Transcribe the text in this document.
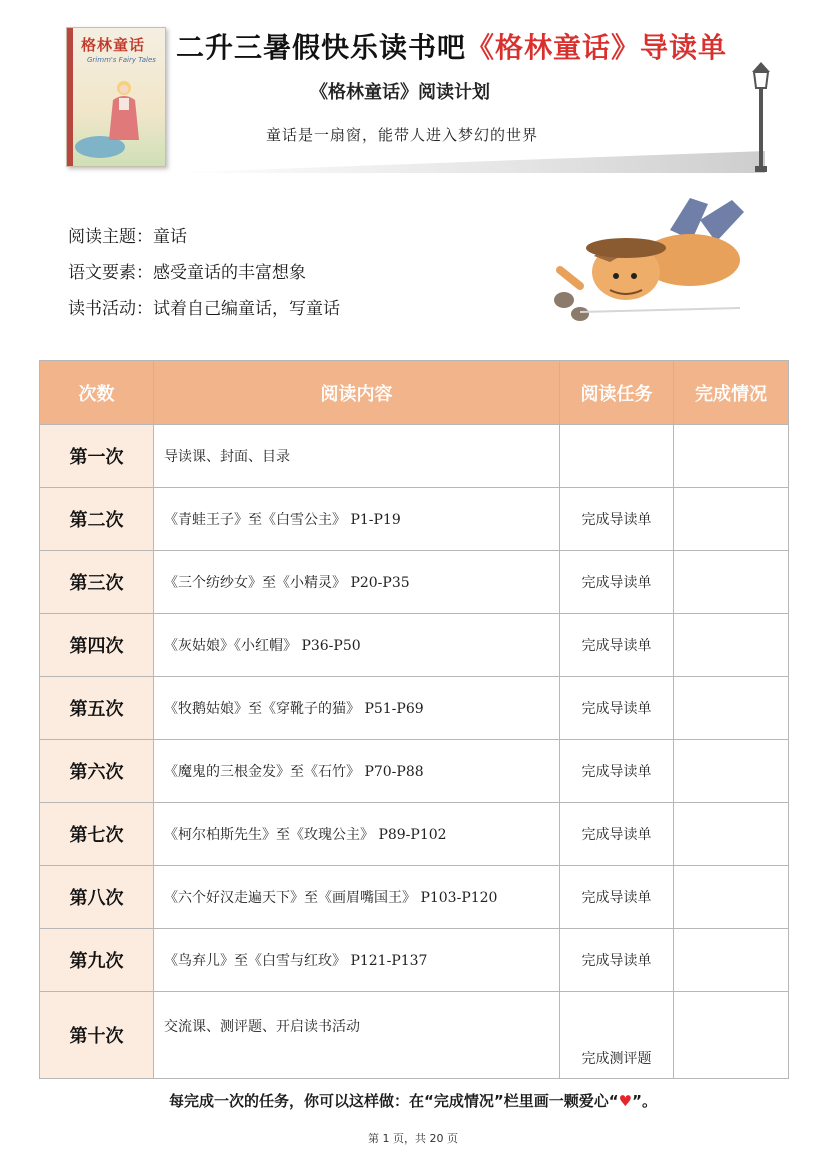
格林童话
Grimm's Fairy Tales 二升三暑假快乐读书吧《格林童话》导读单
《格林童话》阅读计划
童话是一扇窗，能带人进入梦幻的世界
阅读主题：童话
语文要素：感受童话的丰富想象
读书活动：试着自己编童话，写童话
次数	阅读内容	阅读任务	完成情况
第一次	导读课、封面、目录		
第二次	《青蛙王子》至《白雪公主》 P1-P19	完成导读单	
第三次	《三个纺纱女》至《小精灵》 P20-P35	完成导读单	
第四次	《灰姑娘》《小红帽》 P36-P50	完成导读单	
第五次	《牧鹅姑娘》至《穿靴子的猫》 P51-P69	完成导读单	
第六次	《魔鬼的三根金发》至《石竹》 P70-P88	完成导读单	
第七次	《柯尔柏斯先生》至《玫瑰公主》 P89-P102	完成导读单	
第八次	《六个好汉走遍天下》至《画眉嘴国王》 P103-P120	完成导读单	
第九次	《鸟弃儿》至《白雪与红玫》 P121-P137	完成导读单	
第十次	交流课、测评题、开启读书活动	完成测评题	
每完成一次的任务，你可以这样做：在“完成情况”栏里画一颗爱心“♥”。
第 1 页，共 20 页
